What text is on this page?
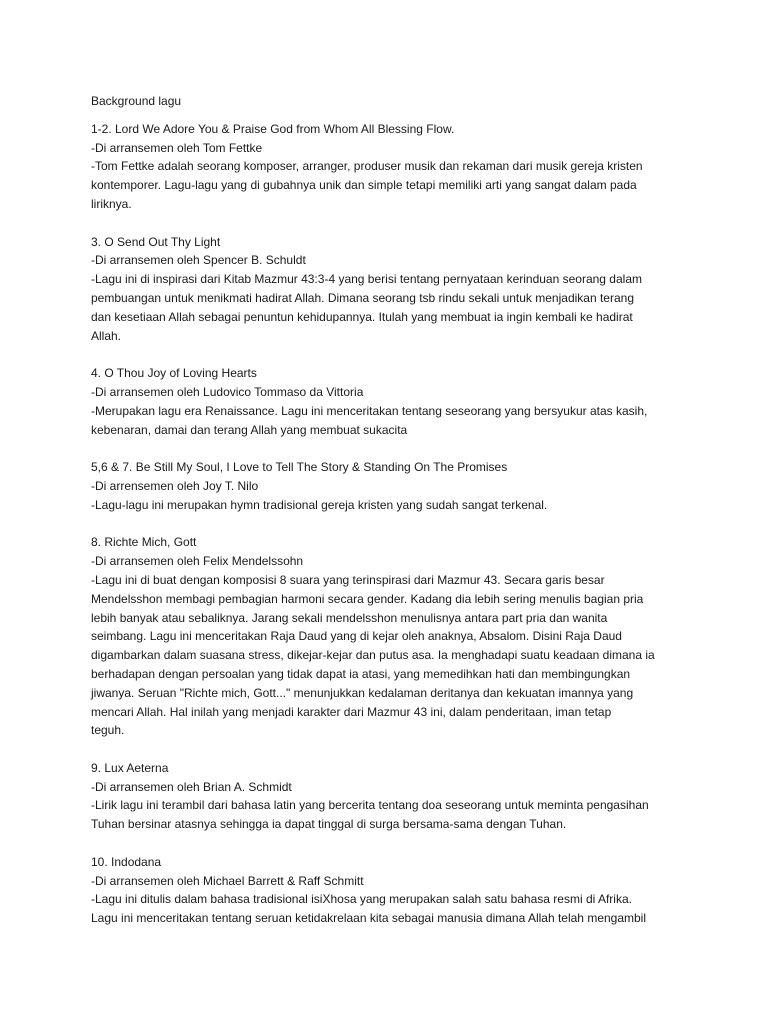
Background lagu
1-2. Lord We Adore You & Praise God from Whom All Blessing Flow.
-Di arransemen oleh Tom Fettke
-Tom Fettke adalah seorang komposer, arranger, produser musik dan rekaman dari musik gereja kristen
kontemporer. Lagu-lagu yang di gubahnya unik dan simple tetapi memiliki arti yang sangat dalam pada
liriknya.
3. O Send Out Thy Light
-Di arransemen oleh Spencer B. Schuldt
-Lagu ini di inspirasi dari Kitab Mazmur 43:3-4 yang berisi tentang pernyataan kerinduan seorang dalam
pembuangan untuk menikmati hadirat Allah. Dimana seorang tsb rindu sekali untuk menjadikan terang
dan kesetiaan Allah sebagai penuntun kehidupannya. Itulah yang membuat ia ingin kembali ke hadirat
Allah.
4. O Thou Joy of Loving Hearts
-Di arransemen oleh Ludovico Tommaso da Vittoria
-Merupakan lagu era Renaissance. Lagu ini menceritakan tentang seseorang yang bersyukur atas kasih,
kebenaran, damai dan terang Allah yang membuat sukacita
5,6 & 7. Be Still My Soul, I Love to Tell The Story & Standing On The Promises
-Di arrensemen oleh Joy T. Nilo
-Lagu-lagu ini merupakan hymn tradisional gereja kristen yang sudah sangat terkenal.
8. Richte Mich, Gott
-Di arransemen oleh Felix Mendelssohn
-Lagu ini di buat dengan komposisi 8 suara yang terinspirasi dari Mazmur 43. Secara garis besar
Mendelsshon membagi pembagian harmoni secara gender. Kadang dia lebih sering menulis bagian pria
lebih banyak atau sebaliknya. Jarang sekali mendelsshon menulisnya antara part pria dan wanita
seimbang. Lagu ini menceritakan Raja Daud yang di kejar oleh anaknya, Absalom. Disini Raja Daud
digambarkan dalam suasana stress, dikejar-kejar dan putus asa. Ia menghadapi suatu keadaan dimana ia
berhadapan dengan persoalan yang tidak dapat ia atasi, yang memedihkan hati dan membingungkan
jiwanya. Seruan "Richte mich, Gott..." menunjukkan kedalaman deritanya dan kekuatan imannya yang
mencari Allah. Hal inilah yang menjadi karakter dari Mazmur 43 ini, dalam penderitaan, iman tetap
teguh.
9. Lux Aeterna
-Di arransemen oleh Brian A. Schmidt
-Lirik lagu ini terambil dari bahasa latin yang bercerita tentang doa seseorang untuk meminta pengasihan
Tuhan bersinar atasnya sehingga ia dapat tinggal di surga bersama-sama dengan Tuhan.
10. Indodana
-Di arransemen oleh Michael Barrett & Raff Schmitt
-Lagu ini ditulis dalam bahasa tradisional isiXhosa yang merupakan salah satu bahasa resmi di Afrika.
Lagu ini menceritakan tentang seruan ketidakrelaan kita sebagai manusia dimana Allah telah mengambil
